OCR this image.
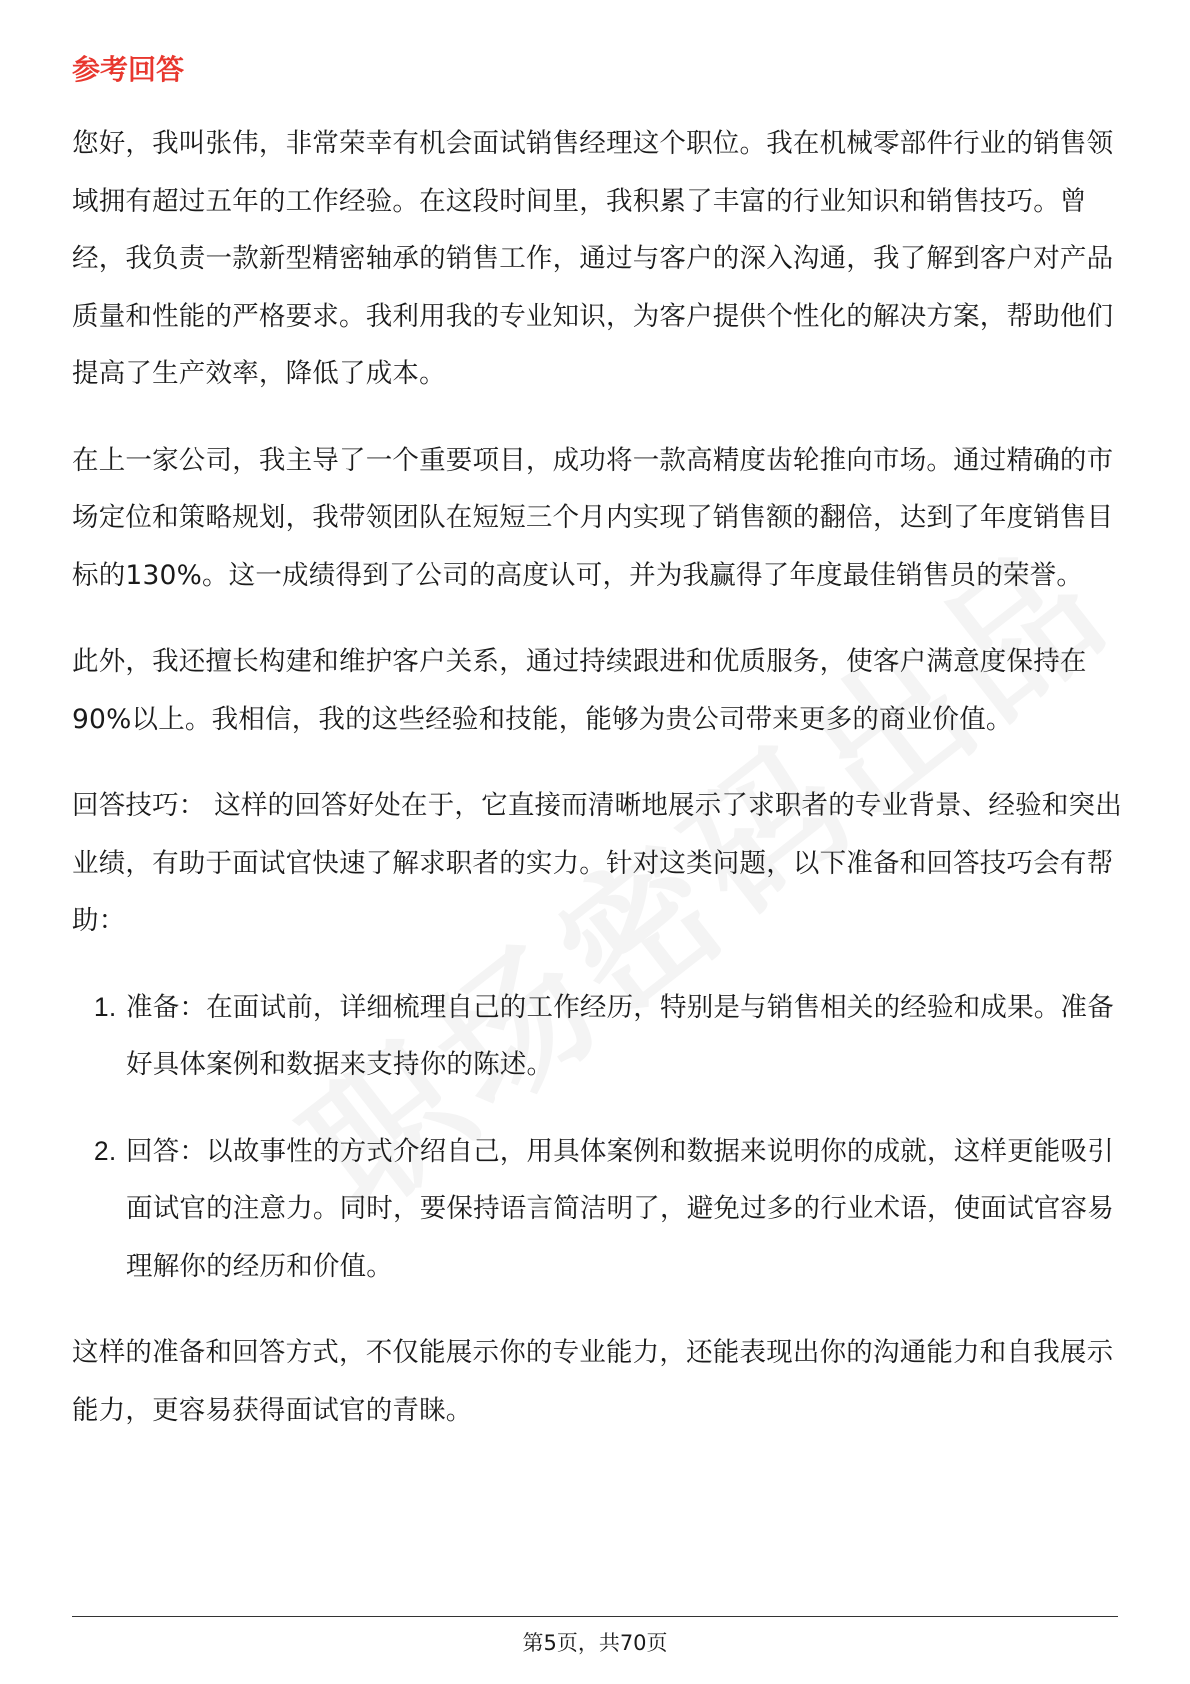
参考回答

您好，我叫张伟，非常荣幸有机会面试销售经理这个职位。我在机械零部件行业的销售领域拥有超过五年的工作经验。在这段时间里，我积累了丰富的行业知识和销售技巧。曾经，我负责一款新型精密轴承的销售工作，通过与客户的深入沟通，我了解到客户对产品质量和性能的严格要求。我利用我的专业知识，为客户提供个性化的解决方案，帮助他们提高了生产效率，降低了成本。

在上一家公司，我主导了一个重要项目，成功将一款高精度齿轮推向市场。通过精确的市场定位和策略规划，我带领团队在短短三个月内实现了销售额的翻倍，达到了年度销售目标的130%。这一成绩得到了公司的高度认可，并为我赢得了年度最佳销售员的荣誉。

此外，我还擅长构建和维护客户关系，通过持续跟进和优质服务，使客户满意度保持在90%以上。我相信，我的这些经验和技能，能够为贵公司带来更多的商业价值。

回答技巧： 这样的回答好处在于，它直接而清晰地展示了求职者的专业背景、经验和突出业绩，有助于面试官快速了解求职者的实力。针对这类问题，以下准备和回答技巧会有帮助：

1. 准备：在面试前，详细梳理自己的工作经历，特别是与销售相关的经验和成果。准备好具体案例和数据来支持你的陈述。
2. 回答：以故事性的方式介绍自己，用具体案例和数据来说明你的成就，这样更能吸引面试官的注意力。同时，要保持语言简洁明了，避免过多的行业术语，使面试官容易理解你的经历和价值。

这样的准备和回答方式，不仅能展示你的专业能力，还能表现出你的沟通能力和自我展示能力，更容易获得面试官的青睐。

第5页，共70页
